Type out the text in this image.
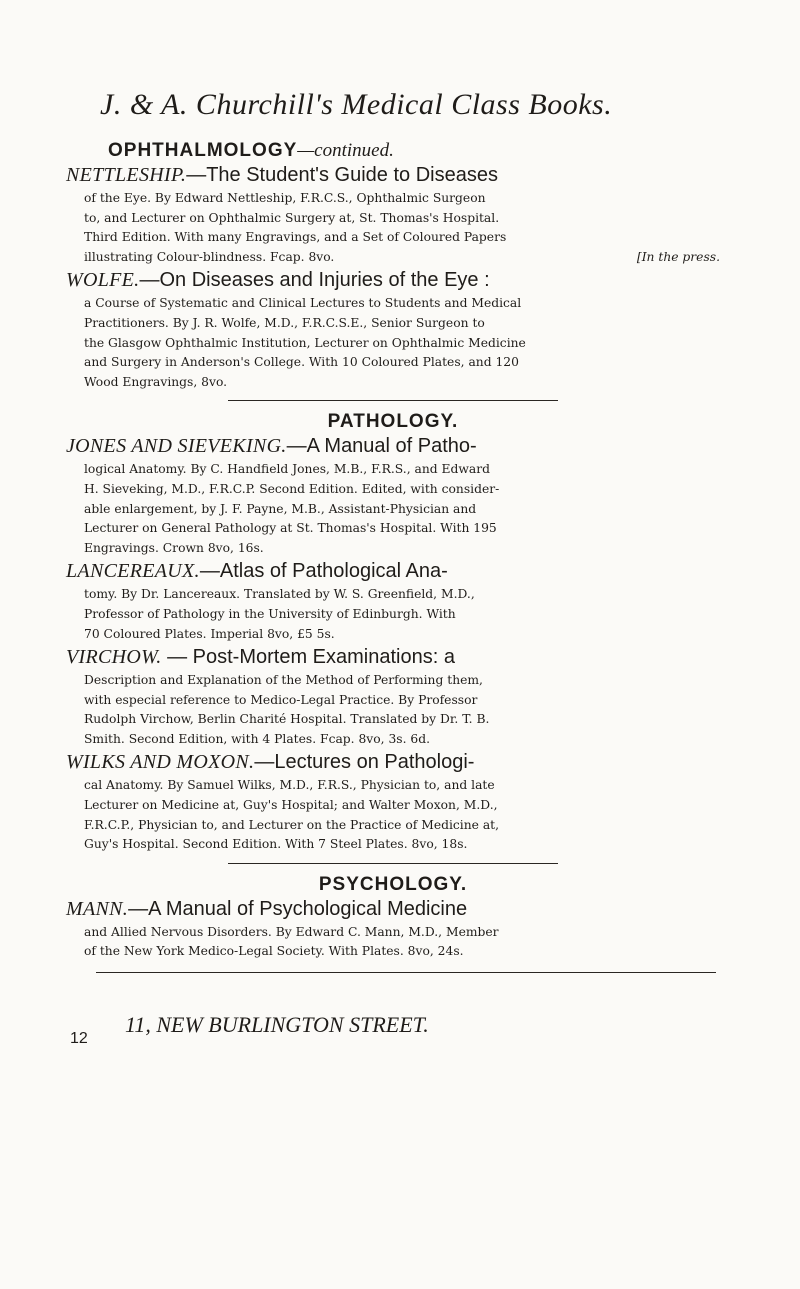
J. & A. Churchill's Medical Class Books.

OPHTHALMOLOGY—continued.

NETTLESHIP.—The Student's Guide to Diseases
of the Eye. By Edward Nettleship, F.R.C.S., Ophthalmic Surgeon
to, and Lecturer on Ophthalmic Surgery at, St. Thomas's Hospital.
Third Edition. With many Engravings, and a Set of Coloured Papers
illustrating Colour-blindness. Fcap. 8vo.	[In the press.
WOLFE.—On Diseases and Injuries of the Eye :
a Course of Systematic and Clinical Lectures to Students and Medical
Practitioners. By J. R. Wolfe, M.D., F.R.C.S.E., Senior Surgeon to
the Glasgow Ophthalmic Institution, Lecturer on Ophthalmic Medicine
and Surgery in Anderson's College. With 10 Coloured Plates, and 120
Wood Engravings, 8vo.

PATHOLOGY.

JONES AND SIEVEKING.—A Manual of Patho-
logical Anatomy. By C. Handfield Jones, M.B., F.R.S., and Edward
H. Sieveking, M.D., F.R.C.P. Second Edition. Edited, with consider-
able enlargement, by J. F. Payne, M.B., Assistant-Physician and
Lecturer on General Pathology at St. Thomas's Hospital. With 195
Engravings. Crown 8vo, 16s.
LANCEREAUX.—Atlas of Pathological Ana-
tomy. By Dr. Lancereaux. Translated by W. S. Greenfield, M.D.,
Professor of Pathology in the University of Edinburgh. With
70 Coloured Plates. Imperial 8vo, £5 5s.
VIRCHOW. — Post-Mortem Examinations: a
Description and Explanation of the Method of Performing them,
with especial reference to Medico-Legal Practice. By Professor
Rudolph Virchow, Berlin Charité Hospital. Translated by Dr. T. B.
Smith. Second Edition, with 4 Plates. Fcap. 8vo, 3s. 6d.
WILKS AND MOXON.—Lectures on Pathologi-
cal Anatomy. By Samuel Wilks, M.D., F.R.S., Physician to, and late
Lecturer on Medicine at, Guy's Hospital; and Walter Moxon, M.D.,
F.R.C.P., Physician to, and Lecturer on the Practice of Medicine at,
Guy's Hospital. Second Edition. With 7 Steel Plates. 8vo, 18s.

PSYCHOLOGY.

MANN.—A Manual of Psychological Medicine
and Allied Nervous Disorders. By Edward C. Mann, M.D., Member
of the New York Medico-Legal Society. With Plates. 8vo, 24s.
11, NEW BURLINGTON STREET.
12
